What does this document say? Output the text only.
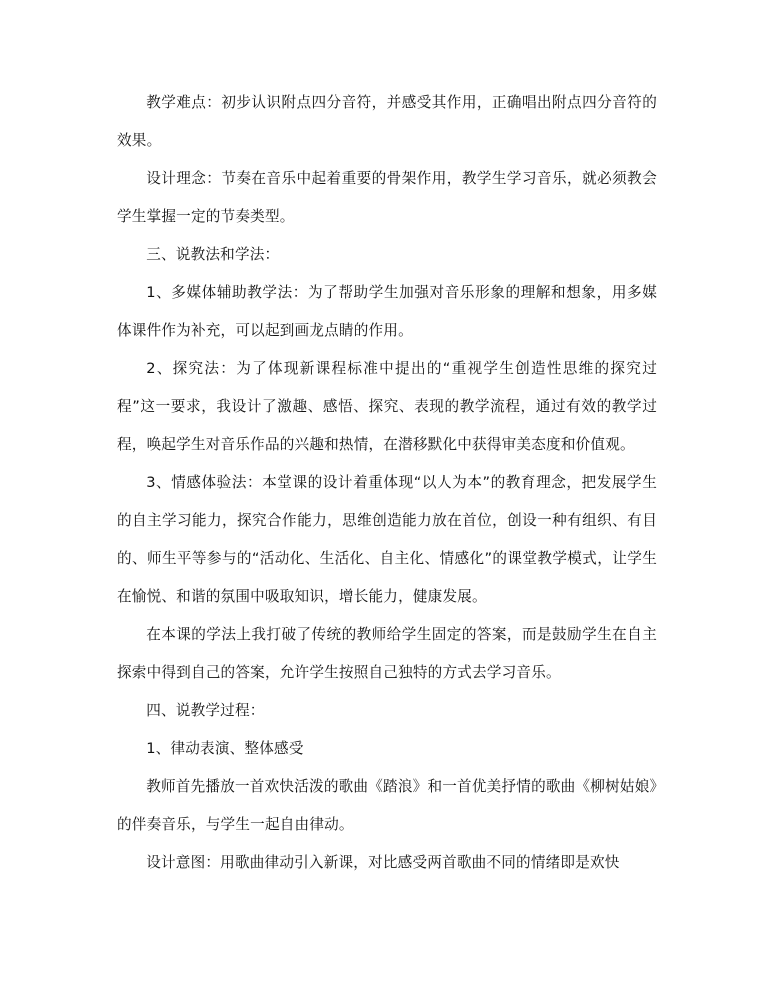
教学难点：初步认识附点四分音符，并感受其作用，正确唱出附点四分音符的效果。

设计理念：节奏在音乐中起着重要的骨架作用，教学生学习音乐，就必须教会学生掌握一定的节奏类型。

三、说教法和学法：

1、多媒体辅助教学法：为了帮助学生加强对音乐形象的理解和想象，用多媒体课件作为补充，可以起到画龙点睛的作用。

2、探究法：为了体现新课程标准中提出的“重视学生创造性思维的探究过程”这一要求，我设计了激趣、感悟、探究、表现的教学流程，通过有效的教学过程，唤起学生对音乐作品的兴趣和热情，在潜移默化中获得审美态度和价值观。

3、情感体验法：本堂课的设计着重体现“以人为本”的教育理念，把发展学生的自主学习能力，探究合作能力，思维创造能力放在首位，创设一种有组织、有目的、师生平等参与的“活动化、生活化、自主化、情感化”的课堂教学模式，让学生在愉悦、和谐的氛围中吸取知识，增长能力，健康发展。

在本课的学法上我打破了传统的教师给学生固定的答案，而是鼓励学生在自主探索中得到自己的答案，允许学生按照自己独特的方式去学习音乐。

四、说教学过程：

1、律动表演、整体感受

教师首先播放一首欢快活泼的歌曲《踏浪》和一首优美抒情的歌曲《柳树姑娘》的伴奏音乐，与学生一起自由律动。

设计意图：用歌曲律动引入新课，对比感受两首歌曲不同的情绪即是欢快
